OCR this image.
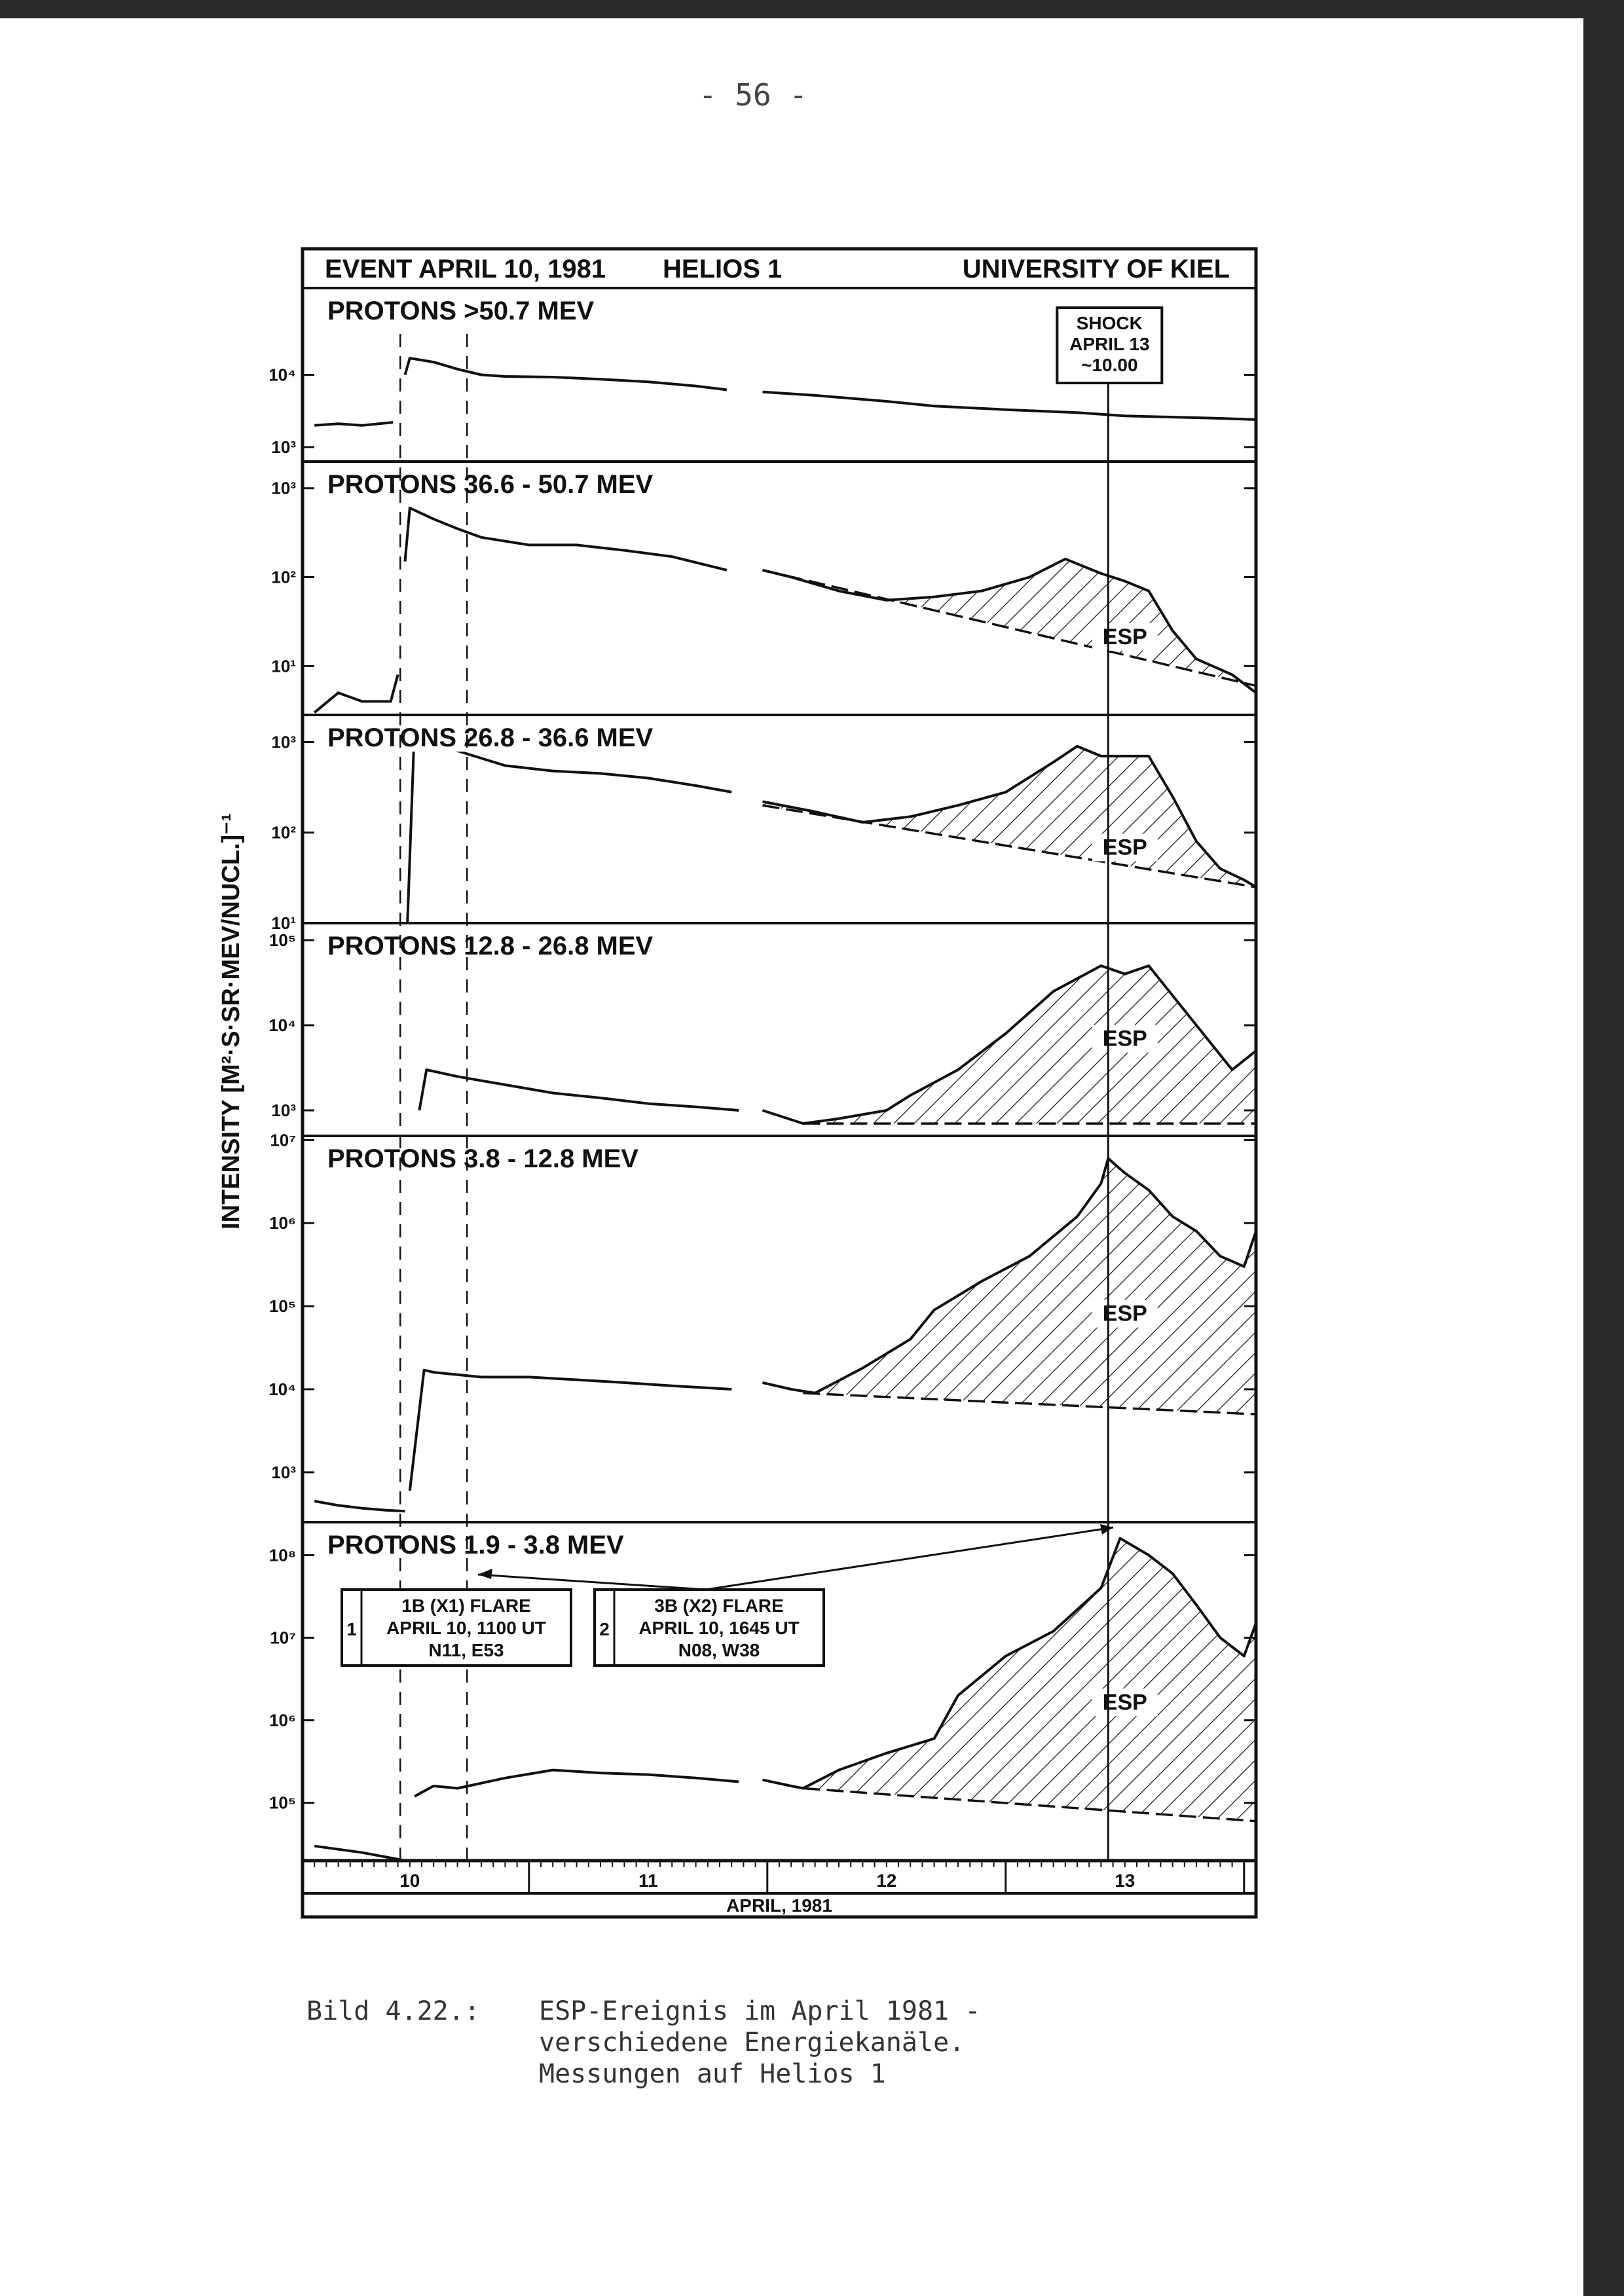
- 56 -
EVENT APRIL 10, 1981 HELIOS 1	UNIVERSITY OF KIEL
INTENSITY [M²·S·SR·MEV/NUCL.]⁻¹
10³
10⁴
PROTONS >50.7 MEV
10¹
10²
10³
ESP
PROTONS 36.6 - 50.7 MEV
10¹
10²
10³
ESP
PROTONS 26.8 - 36.6 MEV
10³
10⁴
10⁵
ESP
PROTONS 12.8 - 26.8 MEV
10³
10⁴
10⁵
10⁶
10⁷
ESP
PROTONS 3.8 - 12.8 MEV
10⁵
10⁶
10⁷
10⁸
ESP
PROTONS 1.9 - 3.8 MEV
SHOCK
APRIL 13
~10.00
1
1B (X1) FLARE
APRIL 10, 1100 UT
N11, E53
2
3B (X2) FLARE
APRIL 10, 1645 UT
N08, W38
10	11	12	13
APRIL, 1981
Bild 4.22.: ESP-Ereignis im April 1981 -
verschiedene Energiekanäle.
Messungen auf Helios 1
